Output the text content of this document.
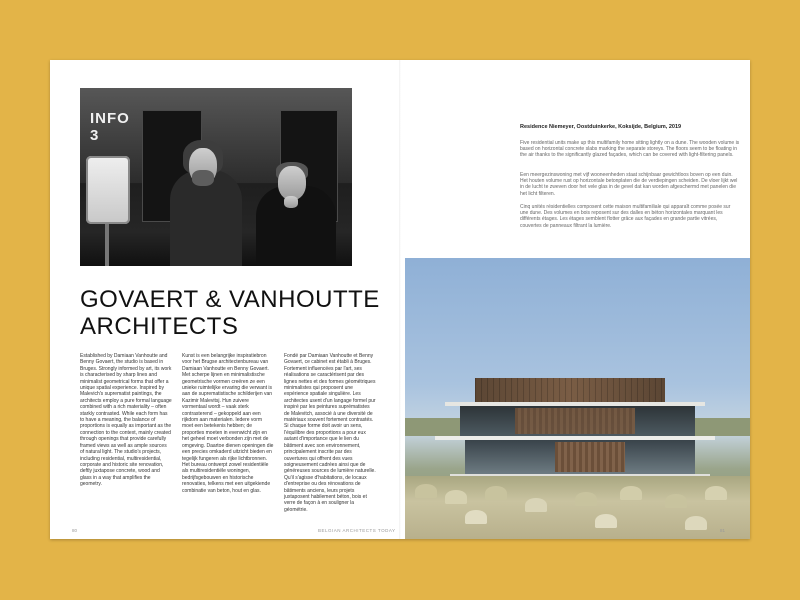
INFO 3
GOVAERT & VANHOUTTE ARCHITECTS

Established by Damiaan Vanhoutte and Benny Govaert, the studio is based in Bruges. Strongly informed by art, its work is characterised by sharp lines and minimalist geometrical forms that offer a unique spatial experience. Inspired by Malevich's suprematist paintings, the architects employ a pure formal language combined with a rich materiality – often starkly contrasted. While each form has to have a meaning, the balance of proportions is equally as important as the connection to the context, mainly created through openings that provide carefully framed views as well as ample sources of natural light. The studio's projects, including residential, multiresidential, corporate and historic site renovation, deftly juxtapose concrete, wood and glass in a way that amplifies the geometry.

Kunst is een belangrijke inspiratiebron voor het Brugse architectenbureau van Damiaan Vanhoutte en Benny Govaert. Met scherpe lijnen en minimalistische geometrische vormen creëren ze een unieke ruimtelijke ervaring die verwant is aan de suprematistische schilderijen van Kazimir Malevitsj. Hun zuivere vormentaal wordt – vaak sterk contrasterend – gekoppeld aan een rijkdom aan materialen. Iedere vorm moet een betekenis hebben; de proporties moeten in evenwicht zijn en het geheel moet verbonden zijn met de omgeving. Daartoe dienen openingen die een precies omkaderd uitzicht bieden en tegelijk fungeren als rijke lichtbronnen. Het bureau ontwerpt zowel residentiële als multiresidentiële woningen, bedrijfsgebouwen en historische renovaties, telkens met een uitgekiende combinatie van beton, hout en glas.

Fondé par Damiaan Vanhoutte et Benny Govaert, ce cabinet est établi à Bruges. Fortement influencées par l'art, ses réalisations se caractérisent par des lignes nettes et des formes géométriques minimalistes qui proposent une expérience spatiale singulière. Les architectes usent d'un langage formel pur inspiré par les peintures suprématistes de Malevitch, associé à une diversité de matériaux souvent fortement contrastés. Si chaque forme doit avoir un sens, l'équilibre des proportions a pour eux autant d'importance que le lien du bâtiment avec son environnement, principalement inscrite par des ouvertures qui offrent des vues soigneusement cadrées ainsi que de généreuses sources de lumière naturelle. Qu'il s'agisse d'habitations, de locaux d'entreprise ou des rénovations de bâtiments anciens, leurs projets juxtaposent habilement béton, bois et verre de façon à en souligner la géométrie.

80	BELGIAN ARCHITECTS TODAY

Residence Niemeyer, Oostduinkerke, Koksijde, Belgium, 2019

Five residential units make up this multifamily home sitting lightly on a dune. The wooden volume is based on horizontal concrete slabs marking the separate storeys. The floors seem to be floating in the air thanks to the significantly glazed façades, which can be covered with light-filtering panels.

Een meergezinswoning met vijf wooneenheden staat schijnbaar gewichtloos boven op een duin. Het houten volume rust op horizontale betonplaten die de verdiepingen scheiden. De vloer lijkt wel in de lucht te zweven door het vele glas in de gevel dat kan worden afgeschermd met panelen die het licht filteren.

Cinq unités résidentielles composent cette maison multifamiliale qui apparaît comme posée sur une dune. Des volumes en bois reposent sur des dalles en béton horizontales marquant les différents étages. Les étages semblent flotter grâce aux façades en grande partie vitrées, couvertes de panneaux filtrant la lumière.

81
